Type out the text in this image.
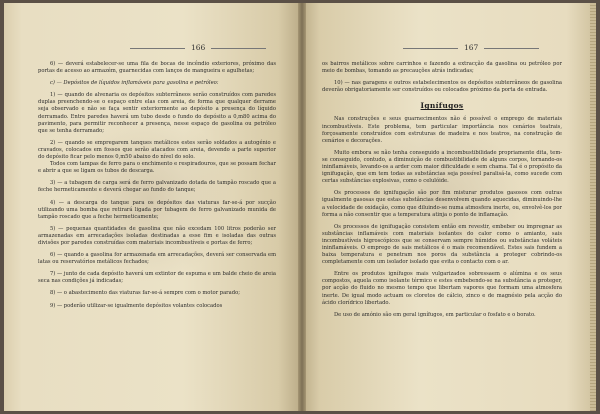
166

6) — deverá estabelecer-se uma fila de bocas de incêndio exteriores, próximo das portas de acesso ao armazém, guarnecidas com lanços de mangueira e agulhetas;

c) — Depósitos de líquidos inflamáveis para gasolina e petróleo:

1) — quando de alvenaria os depósitos subterrâneos serão construídos com paredes duplas preenchendo-se o espaço entre elas com areia, de forma que qualquer derrame seja observado e não se faça sentir exteriormente ao depósito a presença do líquido derramado. Entre paredes haverá um tubo desde o fundo do depósito a 0,m80 acima do pavimento, para permitir reconhecer a presença, nesse espaço de gasolina ou petróleo que se tenha derramado;

2) — quando se empregarem tanques metálicos estes serão soldados a autogénio e cravados, colocados em fossos que serão atacados com areia, devendo a parte superior do depósito ficar pelo menos 0,m50 abaixo do nível do solo.

Todos com tampas de ferro para o enchimento e respiradouros, que se possam fechar e abrir a que se ligam os tubos de descarga.

3) — a tubagem de carga será de ferro galvanizado dotada de tampão roscado que a feche hermeticamente e deverá chegar ao fundo do tanque;

4) — a descarga do tanque para os depósitos das viaturas far-se-á por sucção utilizando uma bomba que retirará ligada por tubagem de ferro galvanizado munida de tampão roscado que a feche hermeticamente;

5) — pequenas quantidades de gasolina que não excedam 100 litros poderão ser armazenadas em arrecadações isoladas destinadas a esse fim e isoladas das outras divisões por paredes construídas com materiais incombustíveis e portas de ferro;

6) — quando a gasolina for armazenada em arrecadações, deverá ser conservada em latas ou reservatórios metálicos fechados;

7) — junto de cada depósito haverá um extintor de espuma e um balde cheio de areia seca nas condições já indicadas;

8) — o abastecimento das viaturas far-se-á sempre com o motor parado;

9) — poderão utilizar-se igualmente depósitos volantes colocados

167

os bairros metálicos sobre carrinhos e fazendo a extracção da gasolina ou petróleo por meio de bombas, tomando as precauções atrás indicadas;

10) — nas garagens e outros estabelecimentos os depósitos subterrâneos de gasolina deverão obrigatoriamente ser construídos ou colocados próximo da porta de entrada.

Ignífugos

Nas construções e seus guarnecimentos não é possível o emprego de materiais incombustíveis. Este problema, tem particular importância nos cenários teatrais, forçosamente construídos com estruturas de madeira e nos teatros, na construção de cenários e decorações.

Muito embora se não tenha conseguido a incombustibilidade propriamente dita, tem-se conseguido, contudo, a diminuição de combustibilidade de alguns corpos, tornando-os ininflamáveis, levando-os a arder com maior dificuldade e sem chama. Tal é o propósito da ignifugação, que em tem todas as substâncias seja possível paralisá-la, como sucede com certas substâncias explosivas, como o celulóide.

Os processos de ignifugação são por fim misturar produtos gasosos com outras igualmente gasosas que estas substâncias desenvolvem quando aquecidas, diminuindo-lhe a velocidade de oxidação, como que diluindo-se numa atmosfera inerte, ou, envolvê-los por forma a não consentir que a temperatura atinja o ponto de inflamação.

Os processos de ignifugação consistem então em revestir, embeber ou impregnar as substâncias inflamáveis com materiais isolantes do calor como o amianto, sais incombustíveis higroscópicos que se conservam sempre húmidos ou substâncias voláteis ininflamáveis. O emprego de sais metálicos é o mais recomendável. Estes sais fundem a baixa temperatura e penetram nos poros da substância a proteger cobrindo-os completamente com um isolador isolado que evita o contacto com o ar.

Entre os produtos ignífugos mais vulgarizados sobressaem o alúmina e os seus compostos, aquela como isolante térmico e estes embebendo-se na substância a proteger, por acção do fluido no mesmo tempo que libertam vapores que formam uma atmosfera inerte. De igual modo actuam os cloretos de cálcio, zinco e de magnésio pela acção do ácido clorídrico libertado.

De uso de amónio são em geral ignífugos, em particular o fosfato e o borato.
